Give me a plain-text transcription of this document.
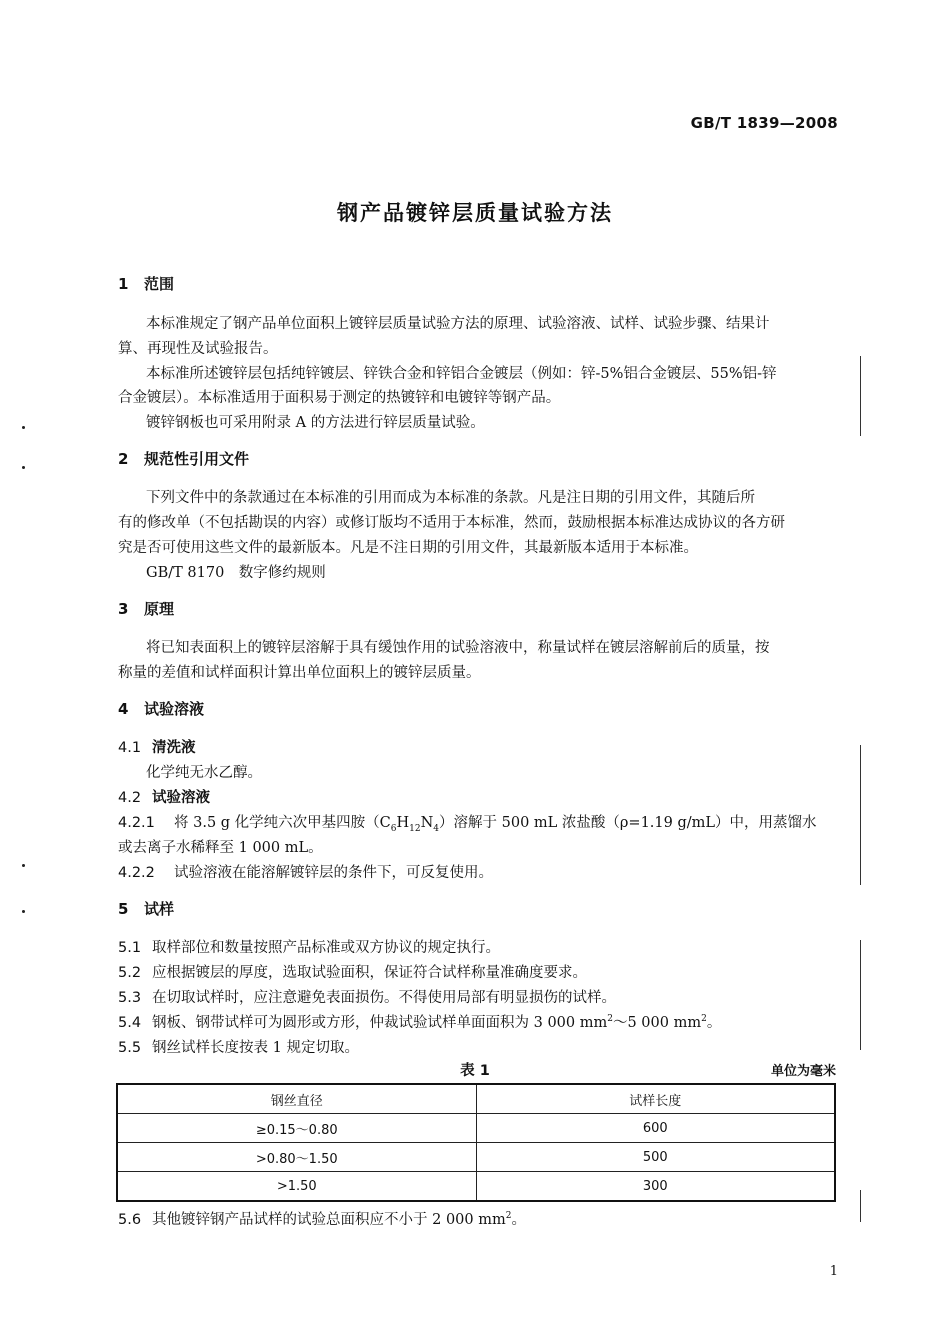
GB/T 1839—2008
钢产品镀锌层质量试验方法
1 范围
本标准规定了钢产品单位面积上镀锌层质量试验方法的原理、试验溶液、试样、试验步骤、结果计
算、再现性及试验报告。
本标准所述镀锌层包括纯锌镀层、锌铁合金和锌铝合金镀层（例如：锌-5%铝合金镀层、55%铝-锌
合金镀层）。本标准适用于面积易于测定的热镀锌和电镀锌等钢产品。
镀锌钢板也可采用附录 A 的方法进行锌层质量试验。
2 规范性引用文件
下列文件中的条款通过在本标准的引用而成为本标准的条款。凡是注日期的引用文件，其随后所
有的修改单（不包括勘误的内容）或修订版均不适用于本标准，然而，鼓励根据本标准达成协议的各方研
究是否可使用这些文件的最新版本。凡是不注日期的引用文件，其最新版本适用于本标准。
GB/T 8170　数字修约规则
3 原理
将已知表面积上的镀锌层溶解于具有缓蚀作用的试验溶液中，称量试样在镀层溶解前后的质量，按
称量的差值和试样面积计算出单位面积上的镀锌层质量。
4 试验溶液
4.1 清洗液
化学纯无水乙醇。
4.2 试验溶液
4.2.1 将 3.5 g 化学纯六次甲基四胺$(C_6H_{12}N_4)$溶解于 500 mL 浓盐酸（ρ=1.19 g/mL）中，用蒸馏水
或去离子水稀释至 1 000 mL。
4.2.2 试验溶液在能溶解镀锌层的条件下，可反复使用。
5 试样
5.1 取样部位和数量按照产品标准或双方协议的规定执行。
5.2 应根据镀层的厚度，选取试验面积，保证符合试样称量准确度要求。
5.3 在切取试样时，应注意避免表面损伤。不得使用局部有明显损伤的试样。
5.4 钢板、钢带试样可为圆形或方形，仲裁试验试样单面面积为 3 000 $mm^2\sim 5$ 000 $mm^2$。
5.5 钢丝试样长度按表 1 规定切取。
表 1	单位为毫米
钢丝直径	试样长度
≥0.15～0.80	600
>0.80～1.50	500
>1.50	300
5.6 其他镀锌钢产品试样的试验总面积应不小于 2 000 $mm^2$。
1
